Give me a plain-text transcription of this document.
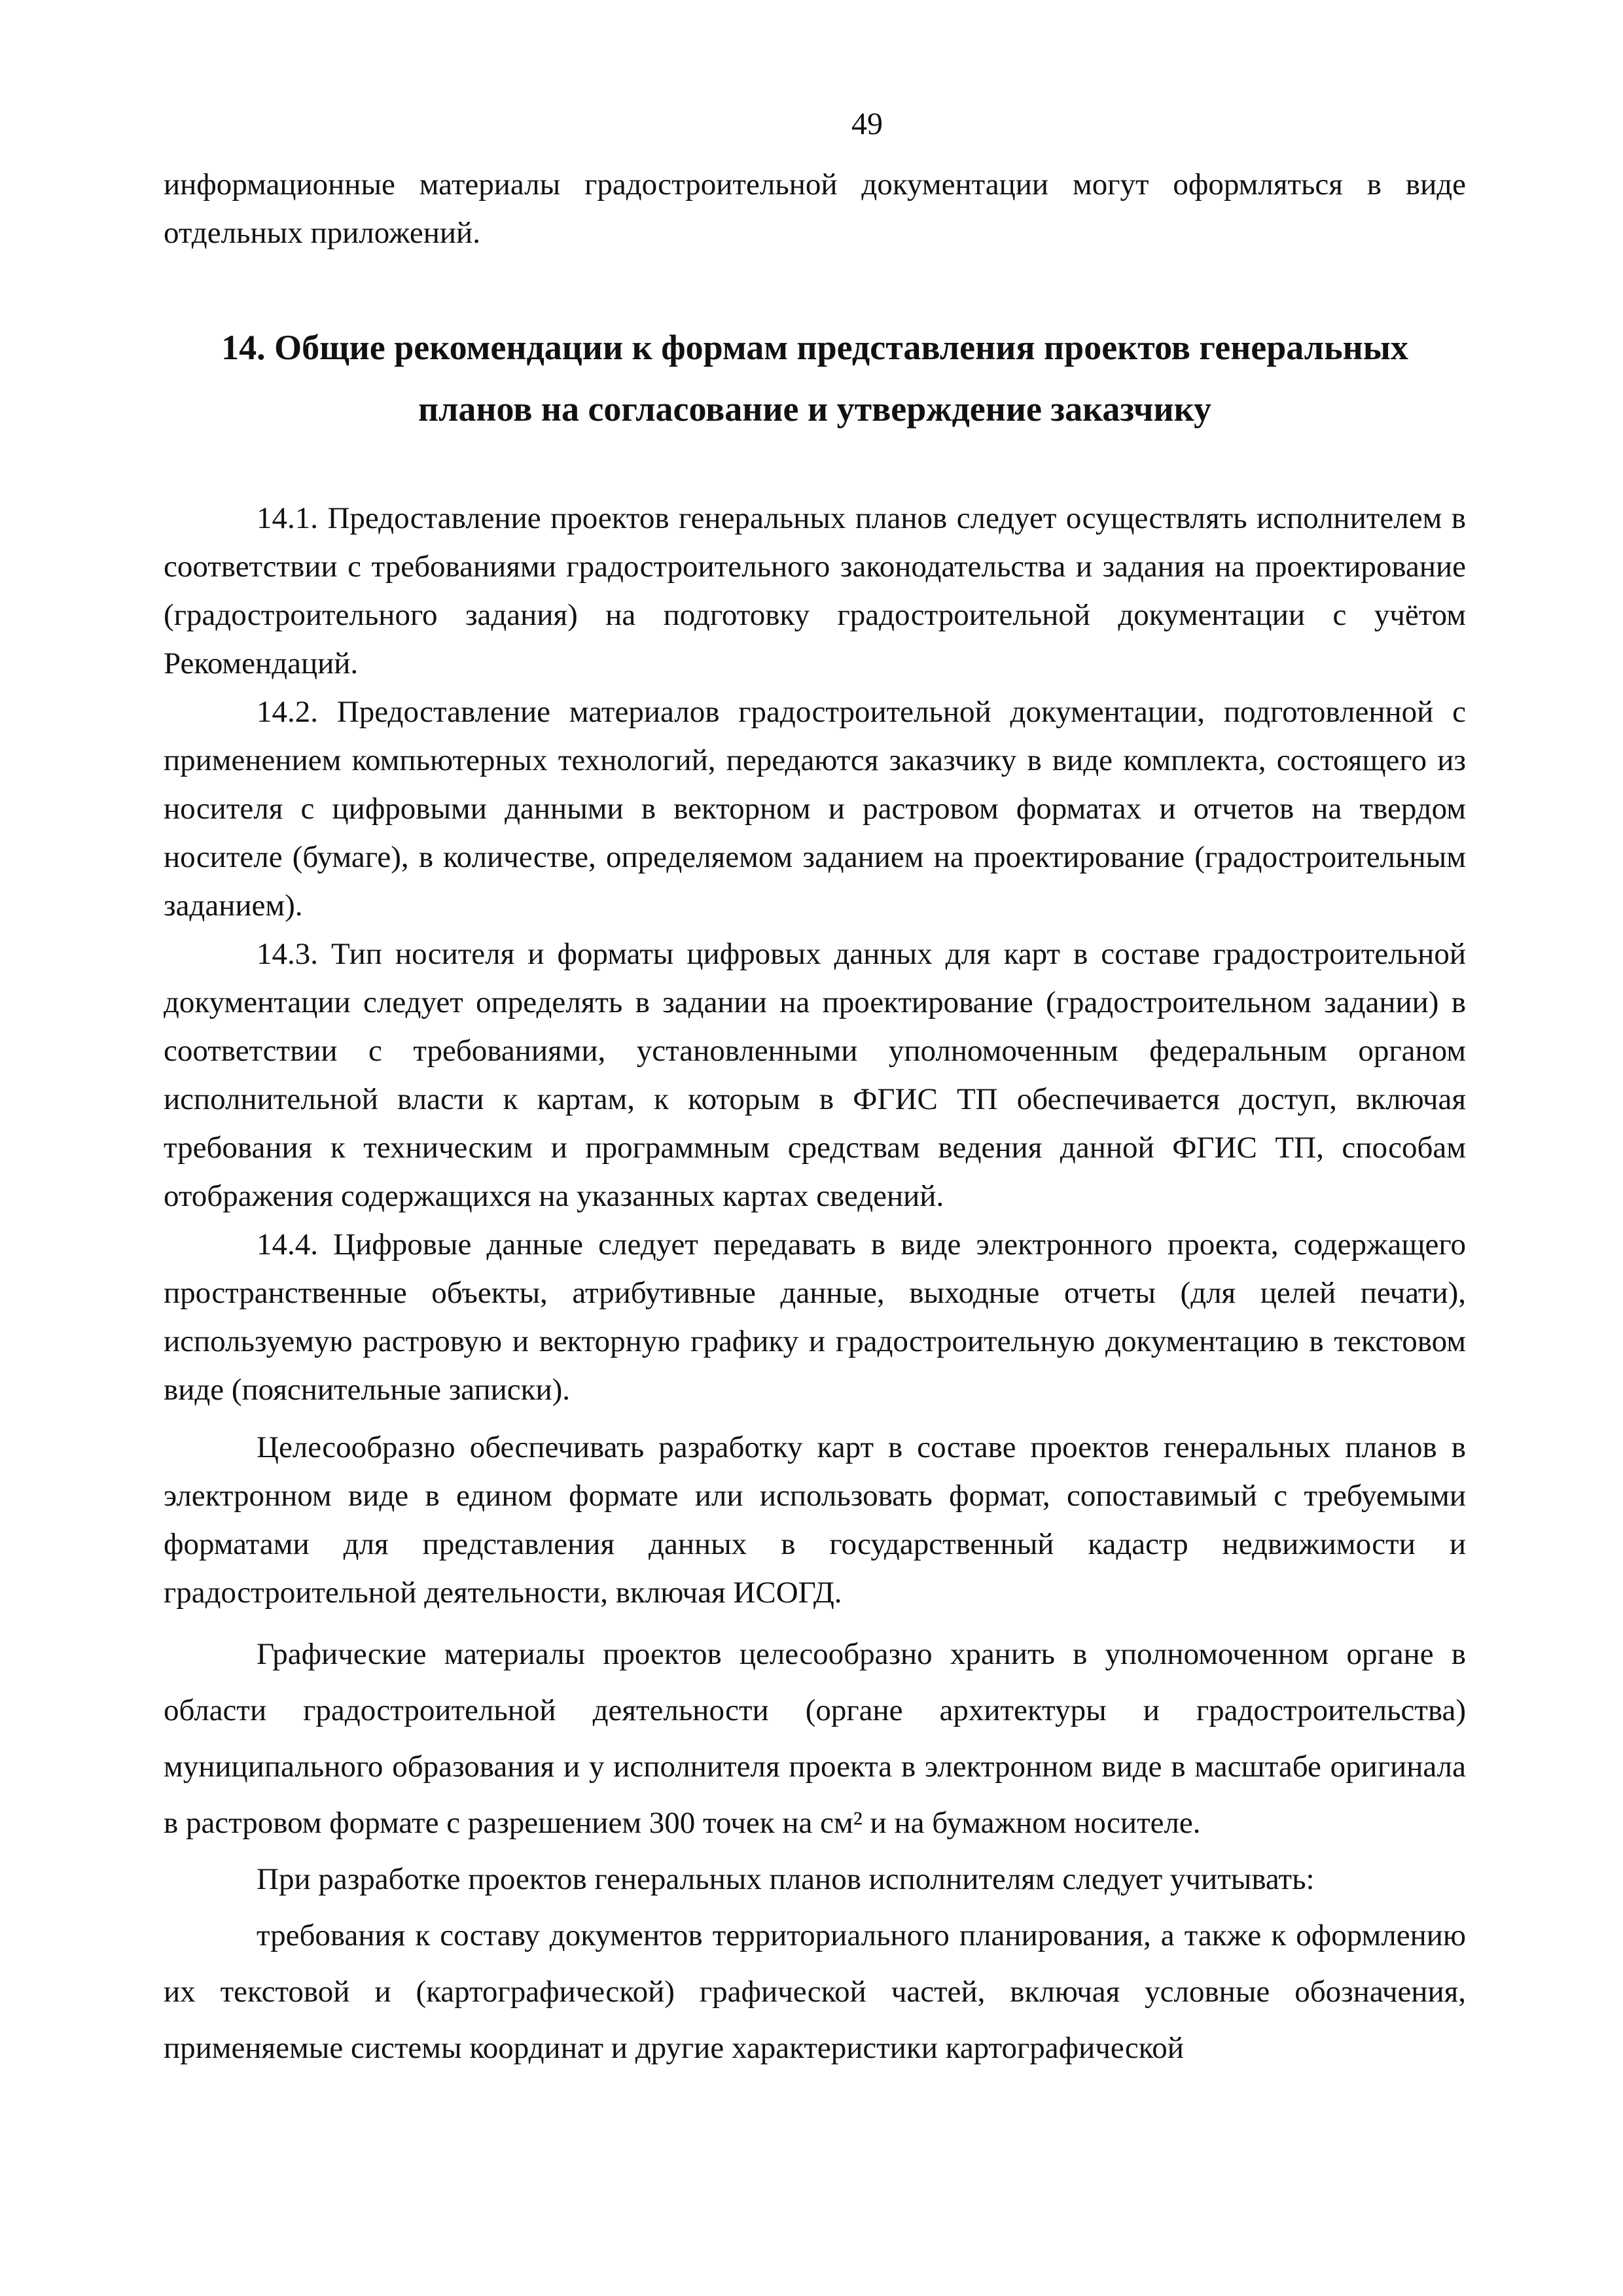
49

информационные материалы градостроительной документации могут оформляться в виде отдельных приложений.

14. Общие рекомендации к формам представления проектов генеральных планов на согласование и утверждение заказчику

14.1. Предоставление проектов генеральных планов следует осуществлять исполнителем в соответствии с требованиями градостроительного законодательства и задания на проектирование (градостроительного задания) на подготовку градостроительной документации с учётом Рекомендаций.

14.2. Предоставление материалов градостроительной документации, подготовленной с применением компьютерных технологий, передаются заказчику в виде комплекта, состоящего из носителя с цифровыми данными в векторном и растровом форматах и отчетов на твердом носителе (бумаге), в количестве, определяемом заданием на проектирование (градостроительным заданием).

14.3. Тип носителя и форматы цифровых данных для карт в составе градостроительной документации следует определять в задании на проектирование (градостроительном задании) в соответствии с требованиями, установленными уполномоченным федеральным органом исполнительной власти к картам, к которым в ФГИС ТП обеспечивается доступ, включая требования к техническим и программным средствам ведения данной ФГИС ТП, способам отображения содержащихся на указанных картах сведений.

14.4. Цифровые данные следует передавать в виде электронного проекта, содержащего пространственные объекты, атрибутивные данные, выходные отчеты (для целей печати), используемую растровую и векторную графику и градостроительную документацию в текстовом виде (пояснительные записки).

Целесообразно обеспечивать разработку карт в составе проектов генеральных планов в электронном виде в едином формате или использовать формат, сопоставимый с требуемыми форматами для представления данных в государственный кадастр недвижимости и градостроительной деятельности, включая ИСОГД.

Графические материалы проектов целесообразно хранить в уполномоченном органе в области градостроительной деятельности (органе архитектуры и градостроительства) муниципального образования и у исполнителя проекта в электронном виде в масштабе оригинала в растровом формате с разрешением 300 точек на см² и на бумажном носителе.

При разработке проектов генеральных планов исполнителям следует учитывать:

требования к составу документов территориального планирования, а также к оформлению их текстовой и (картографической) графической частей, включая условные обозначения, применяемые системы координат и другие характеристики картографической
